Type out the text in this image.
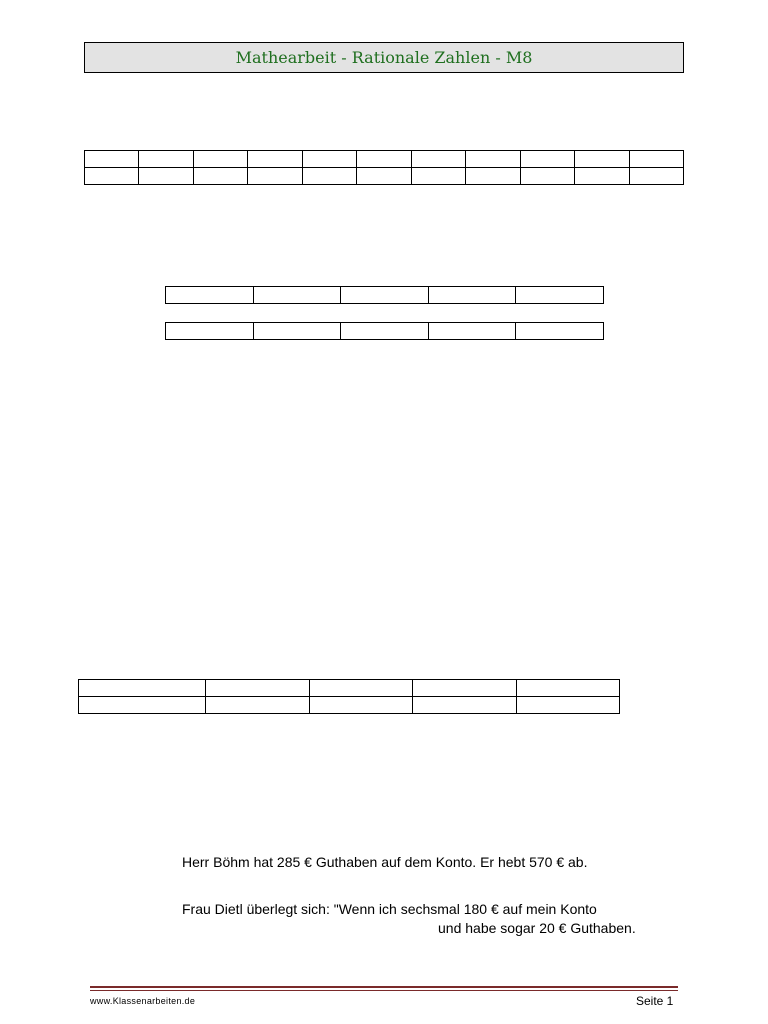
Mathearbeit - Rationale Zahlen - M8

Herr Böhm hat 285 € Guthaben auf dem Konto. Er hebt 570 € ab.
Frau Dietl überlegt sich: "Wenn ich sechsmal 180 € auf mein Konto
und habe sogar 20 € Guthaben.
www.Klassenarbeiten.de	Seite 1
